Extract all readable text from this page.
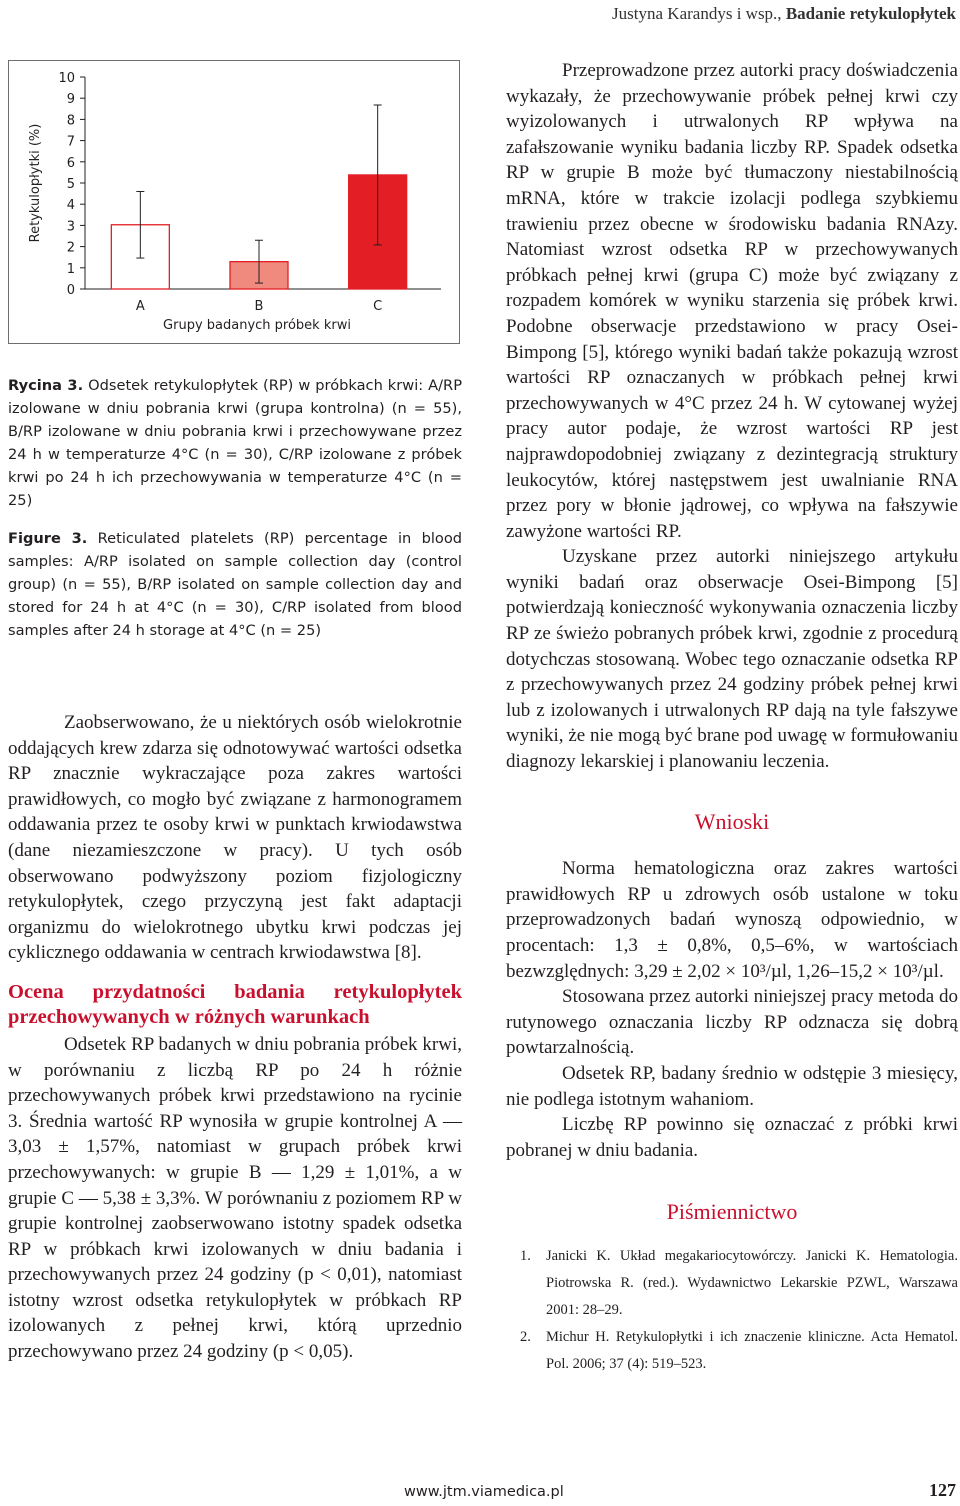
Justyna Karandys i wsp., Badanie retykulopłytek
0
1
2
3
4
5
6
7
8
9
10
Retykulopłytki (%)
A	B	C
Grupy badanych próbek krwi

Rycina 3. Odsetek retykulopłytek (RP) w próbkach krwi: A/RP izolowane w dniu pobrania krwi (grupa kontrolna) (n = 55), B/RP izolowane w dniu pobrania krwi i przechowywane przez 24 h w temperaturze 4°C (n = 30), C/RP izolowane z próbek krwi po 24 h ich przechowywania w temperaturze 4°C (n = 25)

Figure 3. Reticulated platelets (RP) percentage in blood samples: A/RP isolated on sample collection day (control group) (n = 55), B/RP isolated on sample collection day and stored for 24 h at 4°C (n = 30), C/RP isolated from blood samples after 24 h storage at 4°C (n = 25)

Zaobserwowano, że u niektórych osób wielokrotnie oddających krew zdarza się odnotowywać wartości odsetka RP znacznie wykraczające poza zakres wartości prawidłowych, co mogło być związane z harmonogramem oddawania przez te osoby krwi w punktach krwiodawstwa (dane niezamieszczone w pracy). U tych osób obserwowano podwyższony poziom fizjologiczny retykulopłytek, czego przyczyną jest fakt adaptacji organizmu do wielokrotnego ubytku krwi podczas jej cyklicznego oddawania w centrach krwiodawstwa [8].

Ocena przydatności badania retykulopłytek przechowywanych w różnych warunkach

Odsetek RP badanych w dniu pobrania próbek krwi, w porównaniu z liczbą RP po 24 h różnie przechowywanych próbek krwi przedstawiono na rycinie 3. Średnia wartość RP wynosiła w grupie kontrolnej A — 3,03 ± 1,57%, natomiast w grupach próbek krwi przechowywanych: w grupie B — 1,29 ± 1,01%, a w grupie C — 5,38 ± 3,3%. W porównaniu z poziomem RP w grupie kontrolnej zaobserwowano istotny spadek odsetka RP w próbkach krwi izolowanych w dniu badania i przechowywanych przez 24 godziny (p < 0,01), natomiast istotny wzrost odsetka retykulopłytek w próbkach RP izolowanych z pełnej krwi, którą uprzednio przechowywano przez 24 godziny (p < 0,05).

Przeprowadzone przez autorki pracy doświadczenia wykazały, że przechowywanie próbek pełnej krwi czy wyizolowanych i utrwalonych RP wpływa na zafałszowanie wyniku badania liczby RP. Spadek odsetka RP w grupie B może być tłumaczony niestabilnością mRNA, które w trakcie izolacji podlega szybkiemu trawieniu przez obecne w środowisku badania RNAzy. Natomiast wzrost odsetka RP w przechowywanych próbkach pełnej krwi (grupa C) może być związany z rozpadem komórek w wyniku starzenia się próbek krwi. Podobne obserwacje przedstawiono w pracy Osei-Bimpong [5], którego wyniki badań także pokazują wzrost wartości RP oznaczanych w próbkach pełnej krwi przechowywanych w 4°C przez 24 h. W cytowanej wyżej pracy autor podaje, że wzrost wartości RP jest najprawdopodobniej związany z dezintegracją struktury leukocytów, której następstwem jest uwalnianie RNA przez pory w błonie jądrowej, co wpływa na fałszywie zawyżone wartości RP.

Uzyskane przez autorki niniejszego artykułu wyniki badań oraz obserwacje Osei-Bimpong [5] potwierdzają konieczność wykonywania oznaczenia liczby RP ze świeżo pobranych próbek krwi, zgodnie z procedurą dotychczas stosowaną. Wobec tego oznaczanie odsetka RP z przechowywanych przez 24 godziny próbek pełnej krwi lub z izolowanych i utrwalonych RP dają na tyle fałszywe wyniki, że nie mogą być brane pod uwagę w formułowaniu diagnozy lekarskiej i planowaniu leczenia.

Wnioski

Norma hematologiczna oraz zakres wartości prawidłowych RP u zdrowych osób ustalone w toku przeprowadzonych badań wynoszą odpowiednio, w procentach: 1,3 ± 0,8%, 0,5–6%, w wartościach bezwzględnych: 3,29 ± 2,02 × 10³/µl, 1,26–15,2 × 10³/µl.

Stosowana przez autorki niniejszej pracy metoda do rutynowego oznaczania liczby RP odznacza się dobrą powtarzalnością.

Odsetek RP, badany średnio w odstępie 3 miesięcy, nie podlega istotnym wahaniom.

Liczbę RP powinno się oznaczać z próbki krwi pobranej w dniu badania.

Piśmiennictwo
1.	Janicki K. Układ megakariocytowórczy. Janicki K. Hematologia. Piotrowska R. (red.). Wydawnictwo Lekarskie PZWL, Warszawa 2001: 28–29.
2.	Michur H. Retykulopłytki i ich znaczenie kliniczne. Acta Hematol. Pol. 2006; 37 (4): 519–523.
www.jtm.viamedica.pl	127
